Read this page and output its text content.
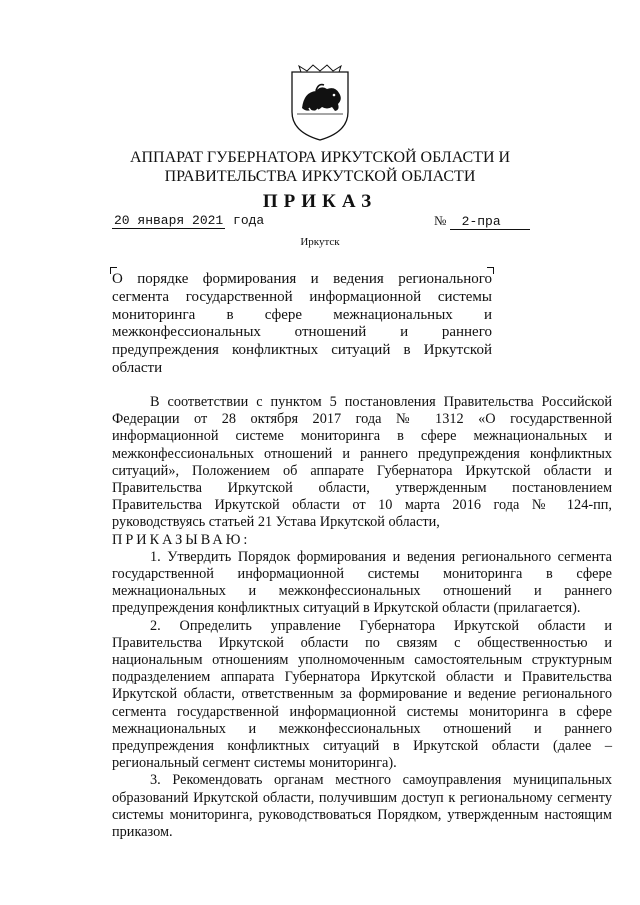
АППАРАТ ГУБЕРНАТОРА ИРКУТСКОЙ ОБЛАСТИ И
ПРАВИТЕЛЬСТВА ИРКУТСКОЙ ОБЛАСТИ
ПРИКАЗ
20 января 2021 года	№ 2-пра
Иркутск
О порядке формирования и ведения регионального сегмента государственной информационной системы мониторинга в сфере межнациональных и межконфессиональных отношений и раннего предупреждения конфликтных ситуаций в Иркутской области

В соответствии с пунктом 5 постановления Правительства Российской Федерации от 28 октября 2017 года № 1312 «О государственной информационной системе мониторинга в сфере межнациональных и межконфессиональных отношений и раннего предупреждения конфликтных ситуаций», Положением об аппарате Губернатора Иркутской области и Правительства Иркутской области, утвержденным постановлением Правительства Иркутской области от 10 марта 2016 года № 124-пп, руководствуясь статьей 21 Устава Иркутской области,

ПРИКАЗЫВАЮ:

1. Утвердить Порядок формирования и ведения регионального сегмента государственной информационной системы мониторинга в сфере межнациональных и межконфессиональных отношений и раннего предупреждения конфликтных ситуаций в Иркутской области (прилагается).

2. Определить управление Губернатора Иркутской области и Правительства Иркутской области по связям с общественностью и национальным отношениям уполномоченным самостоятельным структурным подразделением аппарата Губернатора Иркутской области и Правительства Иркутской области, ответственным за формирование и ведение регионального сегмента государственной информационной системы мониторинга в сфере межнациональных и межконфессиональных отношений и раннего предупреждения конфликтных ситуаций в Иркутской области (далее – региональный сегмент системы мониторинга).

3. Рекомендовать органам местного самоуправления муниципальных образований Иркутской области, получившим доступ к региональному сегменту системы мониторинга, руководствоваться Порядком, утвержденным настоящим приказом.
